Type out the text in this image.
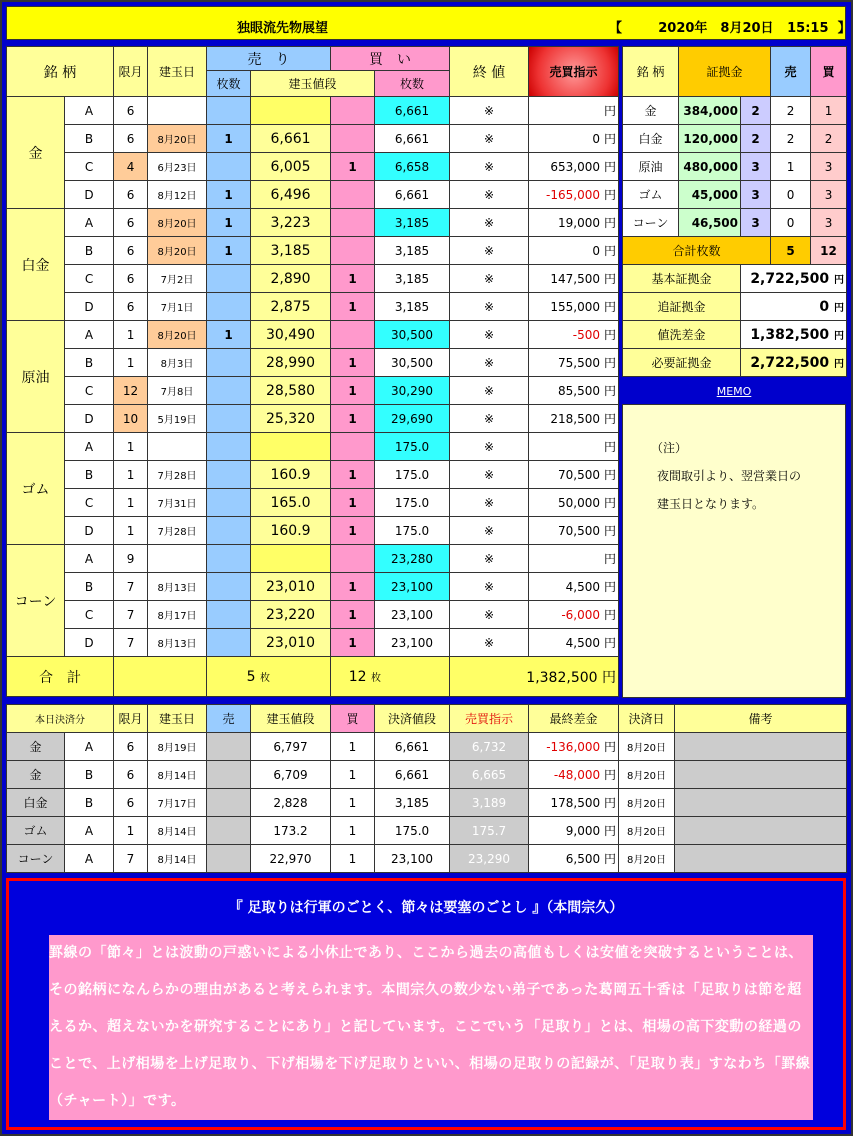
独眼流先物展望	【	2020年　8月20日 15:15 】
銘 柄		限月	建玉日	売　り		買　い		終 値	売買指示	
				枚数	建玉値段		枚数			
金	A	6					6,661	※	円	
	B	6	8月20日	1	6,661		6,661	※	0 円	
	C	4	6月23日		6,005	1	6,658	※	653,000 円	
	D	6	8月12日	1	6,496		6,661	※	-165,000 円	
白金	A	6	8月20日	1	3,223		3,185	※	19,000 円	
	B	6	8月20日	1	3,185		3,185	※	0 円	
	C	6	7月2日		2,890	1	3,185	※	147,500 円	
	D	6	7月1日		2,875	1	3,185	※	155,000 円	
原油	A	1	8月20日	1	30,490		30,500	※	-500 円	
	B	1	8月3日		28,990	1	30,500	※	75,500 円	
	C	12	7月8日		28,580	1	30,290	※	85,500 円	
	D	10	5月19日		25,320	1	29,690	※	218,500 円	
ゴム	A	1					175.0	※	円	
	B	1	7月28日		160.9	1	175.0	※	70,500 円	
	C	1	7月31日		165.0	1	175.0	※	50,000 円	
	D	1	7月28日		160.9	1	175.0	※	70,500 円	
コーン	A	9					23,280	※	円	
	B	7	8月13日		23,010	1	23,100	※	4,500 円	
	C	7	8月17日		23,220	1	23,100	※	-6,000 円	
	D	7	8月13日		23,010	1	23,100	※	4,500 円	
合　計				5 枚		12 枚		1,382,500 円		
銘 柄	証拠金		売	買
金	384,000	2	2	1
白金	120,000	2	2	2
原油	480,000	3	1	3
ゴム	45,000	3	0	3
コーン	46,500	3	0	3
合計枚数			5	12
基本証拠金		2,722,500 円		
追証拠金		0 円		
値洗差金		1,382,500 円		
必要証拠金		2,722,500 円		
MEMO
（注）
夜間取引より、翌営業日の
建玉日となります。
本日決済分		限月	建玉日	売	建玉値段	買	決済値段	売買指示	最終差金	決済日	備考
金	A	6	8月19日		6,797	1	6,661	6,732	-136,000 円	8月20日	
金	B	6	8月14日		6,709	1	6,661	6,665	-48,000 円	8月20日	
白金	B	6	7月17日		2,828	1	3,185	3,189	178,500 円	8月20日	
ゴム	A	1	8月14日		173.2	1	175.0	175.7	9,000 円	8月20日	
コーン	A	7	8月14日		22,970	1	23,100	23,290	6,500 円	8月20日	
『 足取りは行軍のごとく、節々は要塞のごとし 』（本間宗久）
罫線の「節々」とは波動の戸惑いによる小休止であり、ここから過去の高値もしくは安値を突破するということは、その銘柄になんらかの理由があると考えられます。本間宗久の数少ない弟子であった葛岡五十香は「足取りは節を超えるか、超えないかを研究することにあり」と記しています。ここでいう「足取り」とは、相場の高下変動の経過のことで、上げ相場を上げ足取り、下げ相場を下げ足取りといい、相場の足取りの記録が、「足取り表」すなわち「罫線（チャート）」です。
